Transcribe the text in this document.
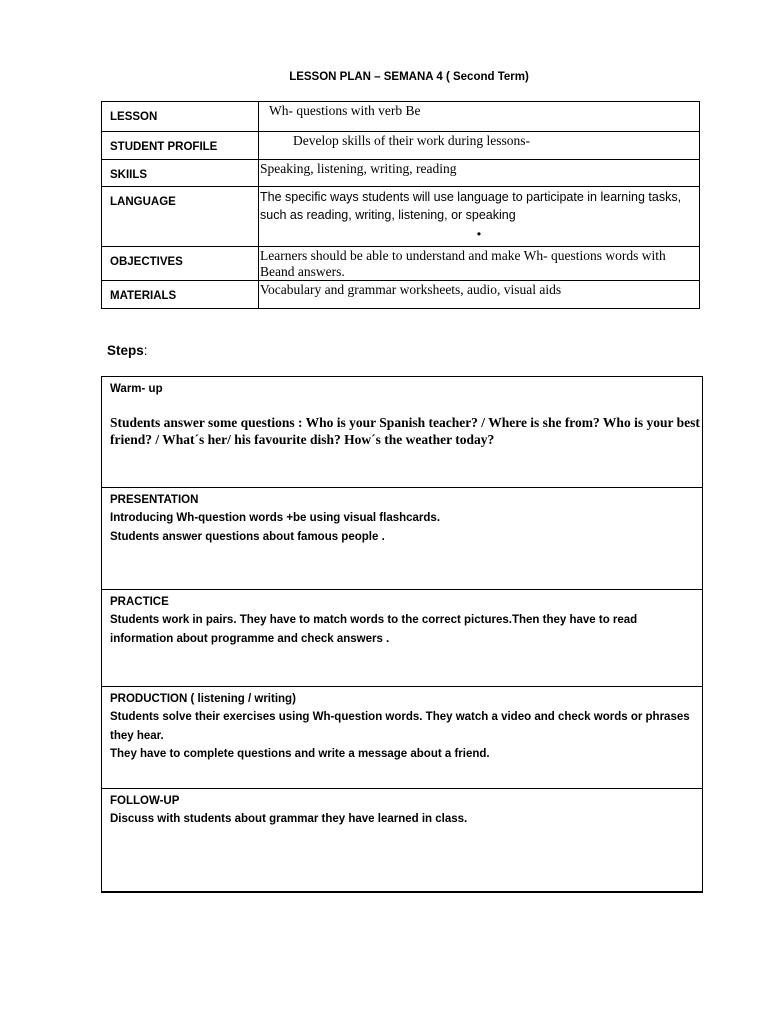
LESSON PLAN – SEMANA 4 ( Second Term)
LESSON	Wh- questions with verb Be
STUDENT PROFILE	Develop skills of their work during lessons-
SKIILS	Speaking, listening, writing, reading
LANGUAGE	The specific ways students will use language to participate in learning tasks, such as reading, writing, listening, or speaking
•

OBJECTIVES	Learners should be able to understand and make Wh- questions words with Beand answers.
MATERIALS	Vocabulary and grammar worksheets, audio, visual aids
Steps:
Warm- up
Students answer some questions : Who is your Spanish teacher? / Where is she from? Who is your best friend? / What´s her/ his favourite dish? How´s the weather today?
PRESENTATION
Introducing Wh-question words +be using visual flashcards.
Students answer questions about famous people .
PRACTICE
Students work in pairs. They have to match words to the correct pictures.Then they have to read information about programme and check answers .
PRODUCTION ( listening / writing)
Students solve their exercises using Wh-question words. They watch a video and check words or phrases they hear.
They have to complete questions and write a message about a friend.
FOLLOW-UP
Discuss with students about grammar they have learned in class.
